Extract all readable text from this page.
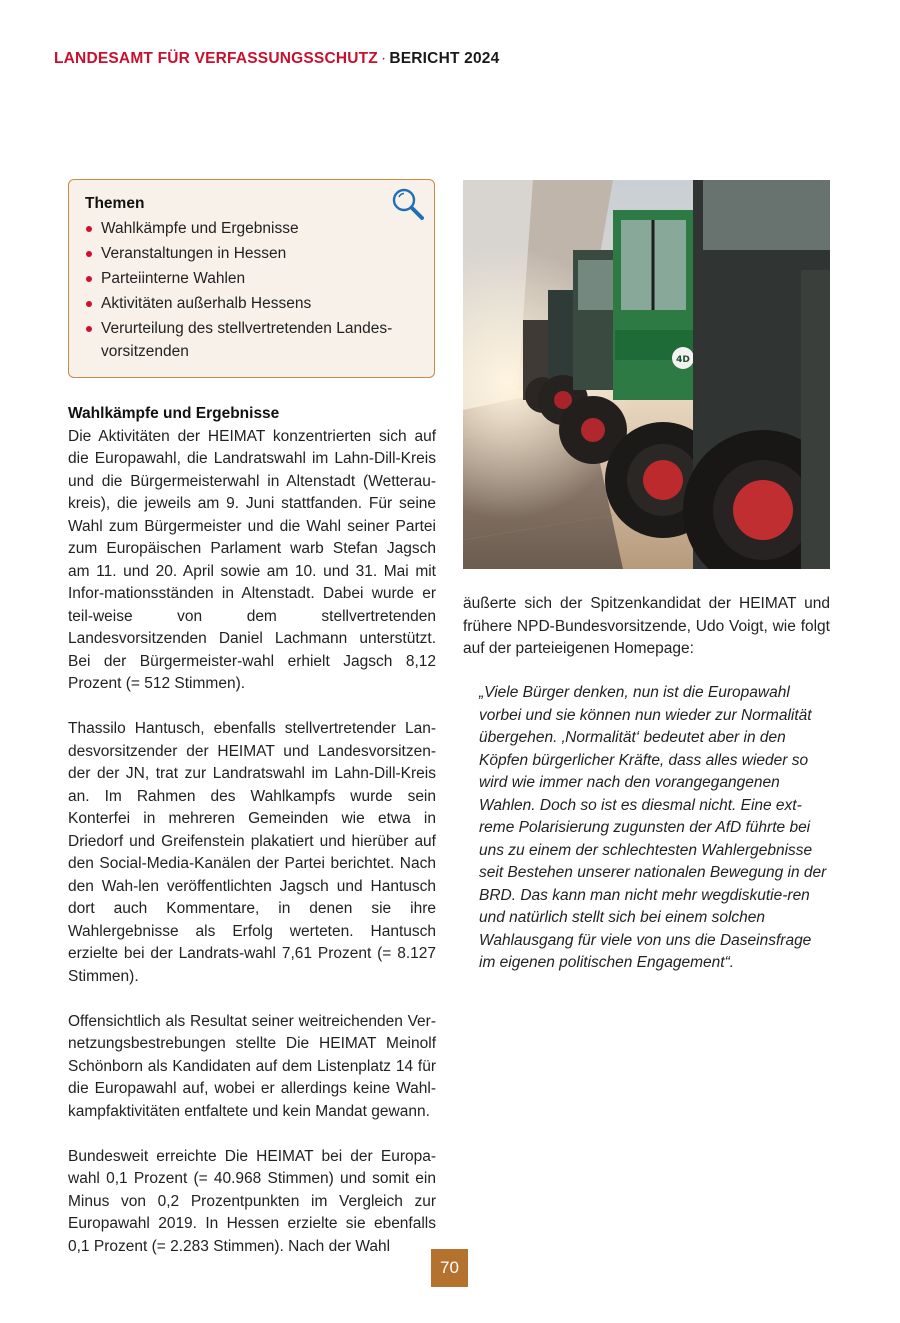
LANDESAMT FÜR VERFASSUNGSSCHUTZ · BERICHT 2024
Themen
Wahlkämpfe und Ergebnisse
Veranstaltungen in Hessen
Parteiinterne Wahlen
Aktivitäten außerhalb Hessens
Verurteilung des stellvertretenden Landes-vorsitzenden
Wahlkämpfe und Ergebnisse

Die Aktivitäten der HEIMAT konzentrierten sich auf die Europawahl, die Landratswahl im Lahn-Dill-Kreis und die Bürgermeisterwahl in Altenstadt (Wetterau-kreis), die jeweils am 9. Juni stattfanden. Für seine Wahl zum Bürgermeister und die Wahl seiner Partei zum Europäischen Parlament warb Stefan Jagsch am 11. und 20. April sowie am 10. und 31. Mai mit Infor-mationsständen in Altenstadt. Dabei wurde er teil-weise von dem stellvertretenden Landesvorsitzenden Daniel Lachmann unterstützt. Bei der Bürgermeister-wahl erhielt Jagsch 8,12 Prozent (= 512 Stimmen).

Thassilo Hantusch, ebenfalls stellvertretender Lan-desvorsitzender der HEIMAT und Landesvorsitzen-der der JN, trat zur Landratswahl im Lahn-Dill-Kreis an. Im Rahmen des Wahlkampfs wurde sein Konterfei in mehreren Gemeinden wie etwa in Driedorf und Greifenstein plakatiert und hierüber auf den Social-Media-Kanälen der Partei berichtet. Nach den Wah-len veröffentlichten Jagsch und Hantusch dort auch Kommentare, in denen sie ihre Wahlergebnisse als Erfolg werteten. Hantusch erzielte bei der Landrats-wahl 7,61 Prozent (= 8.127 Stimmen).

Offensichtlich als Resultat seiner weitreichenden Ver-netzungsbestrebungen stellte Die HEIMAT Meinolf Schönborn als Kandidaten auf dem Listenplatz 14 für die Europawahl auf, wobei er allerdings keine Wahl-kampfaktivitäten entfaltete und kein Mandat gewann.

Bundesweit erreichte Die HEIMAT bei der Europa-wahl 0,1 Prozent (= 40.968 Stimmen) und somit ein Minus von 0,2 Prozentpunkten im Vergleich zur Europawahl 2019. In Hessen erzielte sie ebenfalls 0,1 Prozent (= 2.283 Stimmen). Nach der Wahl

4D

äußerte sich der Spitzenkandidat der HEIMAT und frühere NPD-Bundesvorsitzende, Udo Voigt, wie folgt auf der parteieigenen Homepage:

„Viele Bürger denken, nun ist die Europawahl vorbei und sie können nun wieder zur Normalität übergehen. ‚Normalität‘ bedeutet aber in den Köpfen bürgerlicher Kräfte, dass alles wieder so wird wie immer nach den vorangegangenen Wahlen. Doch so ist es diesmal nicht. Eine ext-reme Polarisierung zugunsten der AfD führte bei uns zu einem der schlechtesten Wahlergebnisse seit Bestehen unserer nationalen Bewegung in der BRD. Das kann man nicht mehr wegdiskutie-ren und natürlich stellt sich bei einem solchen Wahlausgang für viele von uns die Daseinsfrage im eigenen politischen Engagement“.

70
